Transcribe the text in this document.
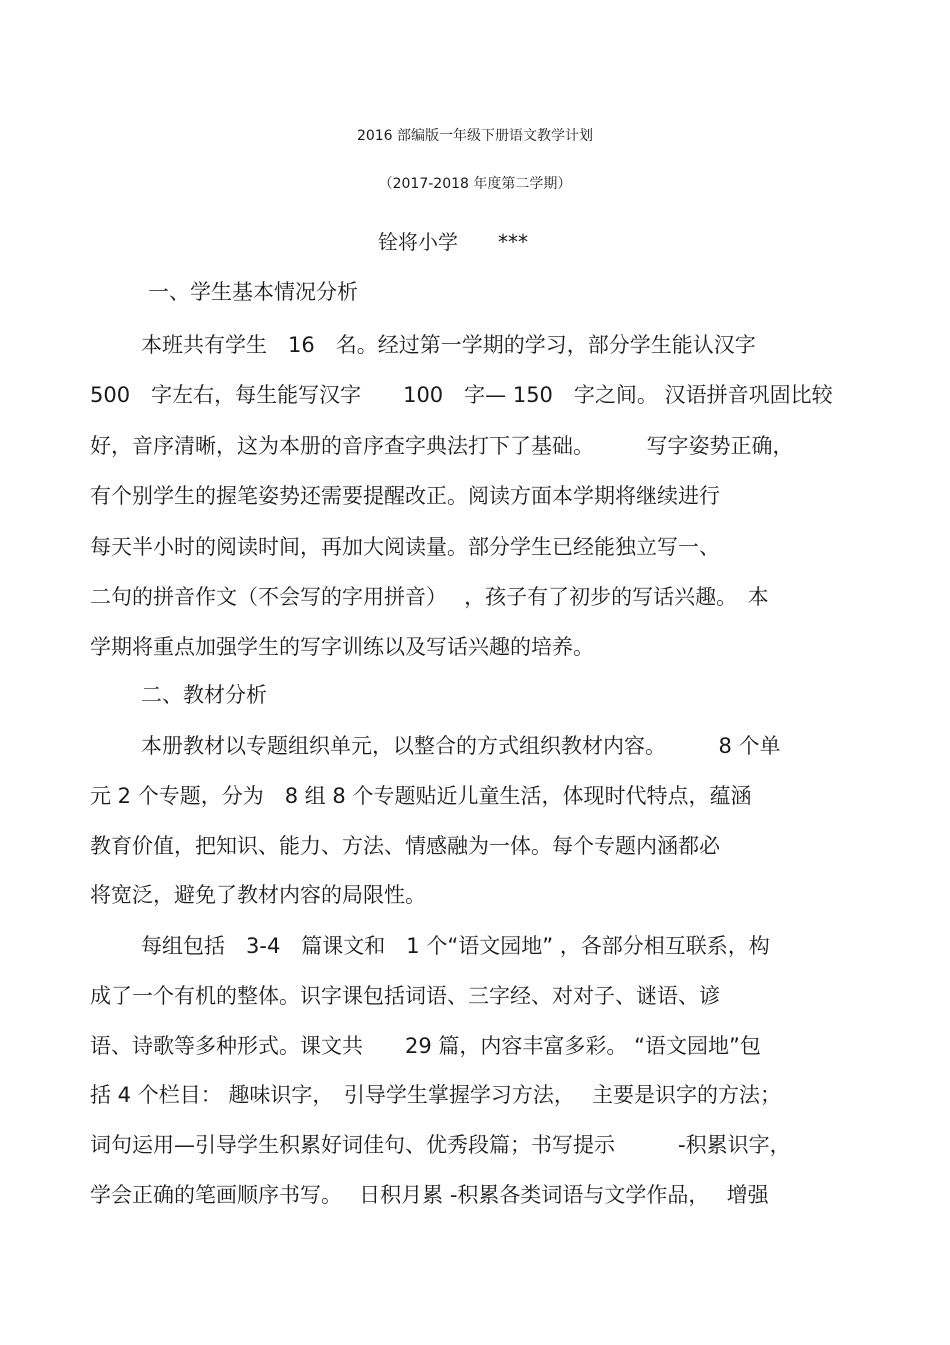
2016 部编版一年级下册语文教学计划
（2017-2018 年度第二学期）
铨将小学　　***
一、学生基本情况分析
本班共有学生　16　名。经过第一学期的学习，部分学生能认汉字
500　字左右，每生能写汉字　　100　字— 150　字之间。 汉语拼音巩固比较
好，音序清晰，这为本册的音序查字典法打下了基础。　　　写字姿势正确，
有个别学生的握笔姿势还需要提醒改正。阅读方面本学期将继续进行
每天半小时的阅读时间，再加大阅读量。部分学生已经能独立写一、
二句的拼音作文（不会写的字用拼音）　 ，孩子有了初步的写话兴趣。　本
学期将重点加强学生的写字训练以及写话兴趣的培养。
二、教材分析
本册教材以专题组织单元，以整合的方式组织教材内容。　　　8 个单
元 2 个专题，分为　8 组 8 个专题贴近儿童生活，体现时代特点，蕴涵
教育价值，把知识、能力、方法、情感融为一体。每个专题内涵都必
将宽泛，避免了教材内容的局限性。
每组包括　3-4　篇课文和　1 个“语文园地” ，各部分相互联系，构
成了一个有机的整体。识字课包括词语、三字经、对对子、谜语、谚
语、诗歌等多种形式。课文共　　29 篇，内容丰富多彩。 “语文园地”包
括 4 个栏目： 趣味识字，　引导学生掌握学习方法，　 主要是识字的方法；
词句运用—引导学生积累好词佳句、优秀段篇；书写提示　　　-积累识字，
学会正确的笔画顺序书写。　 日积月累 -积累各类词语与文学作品，　 增强
